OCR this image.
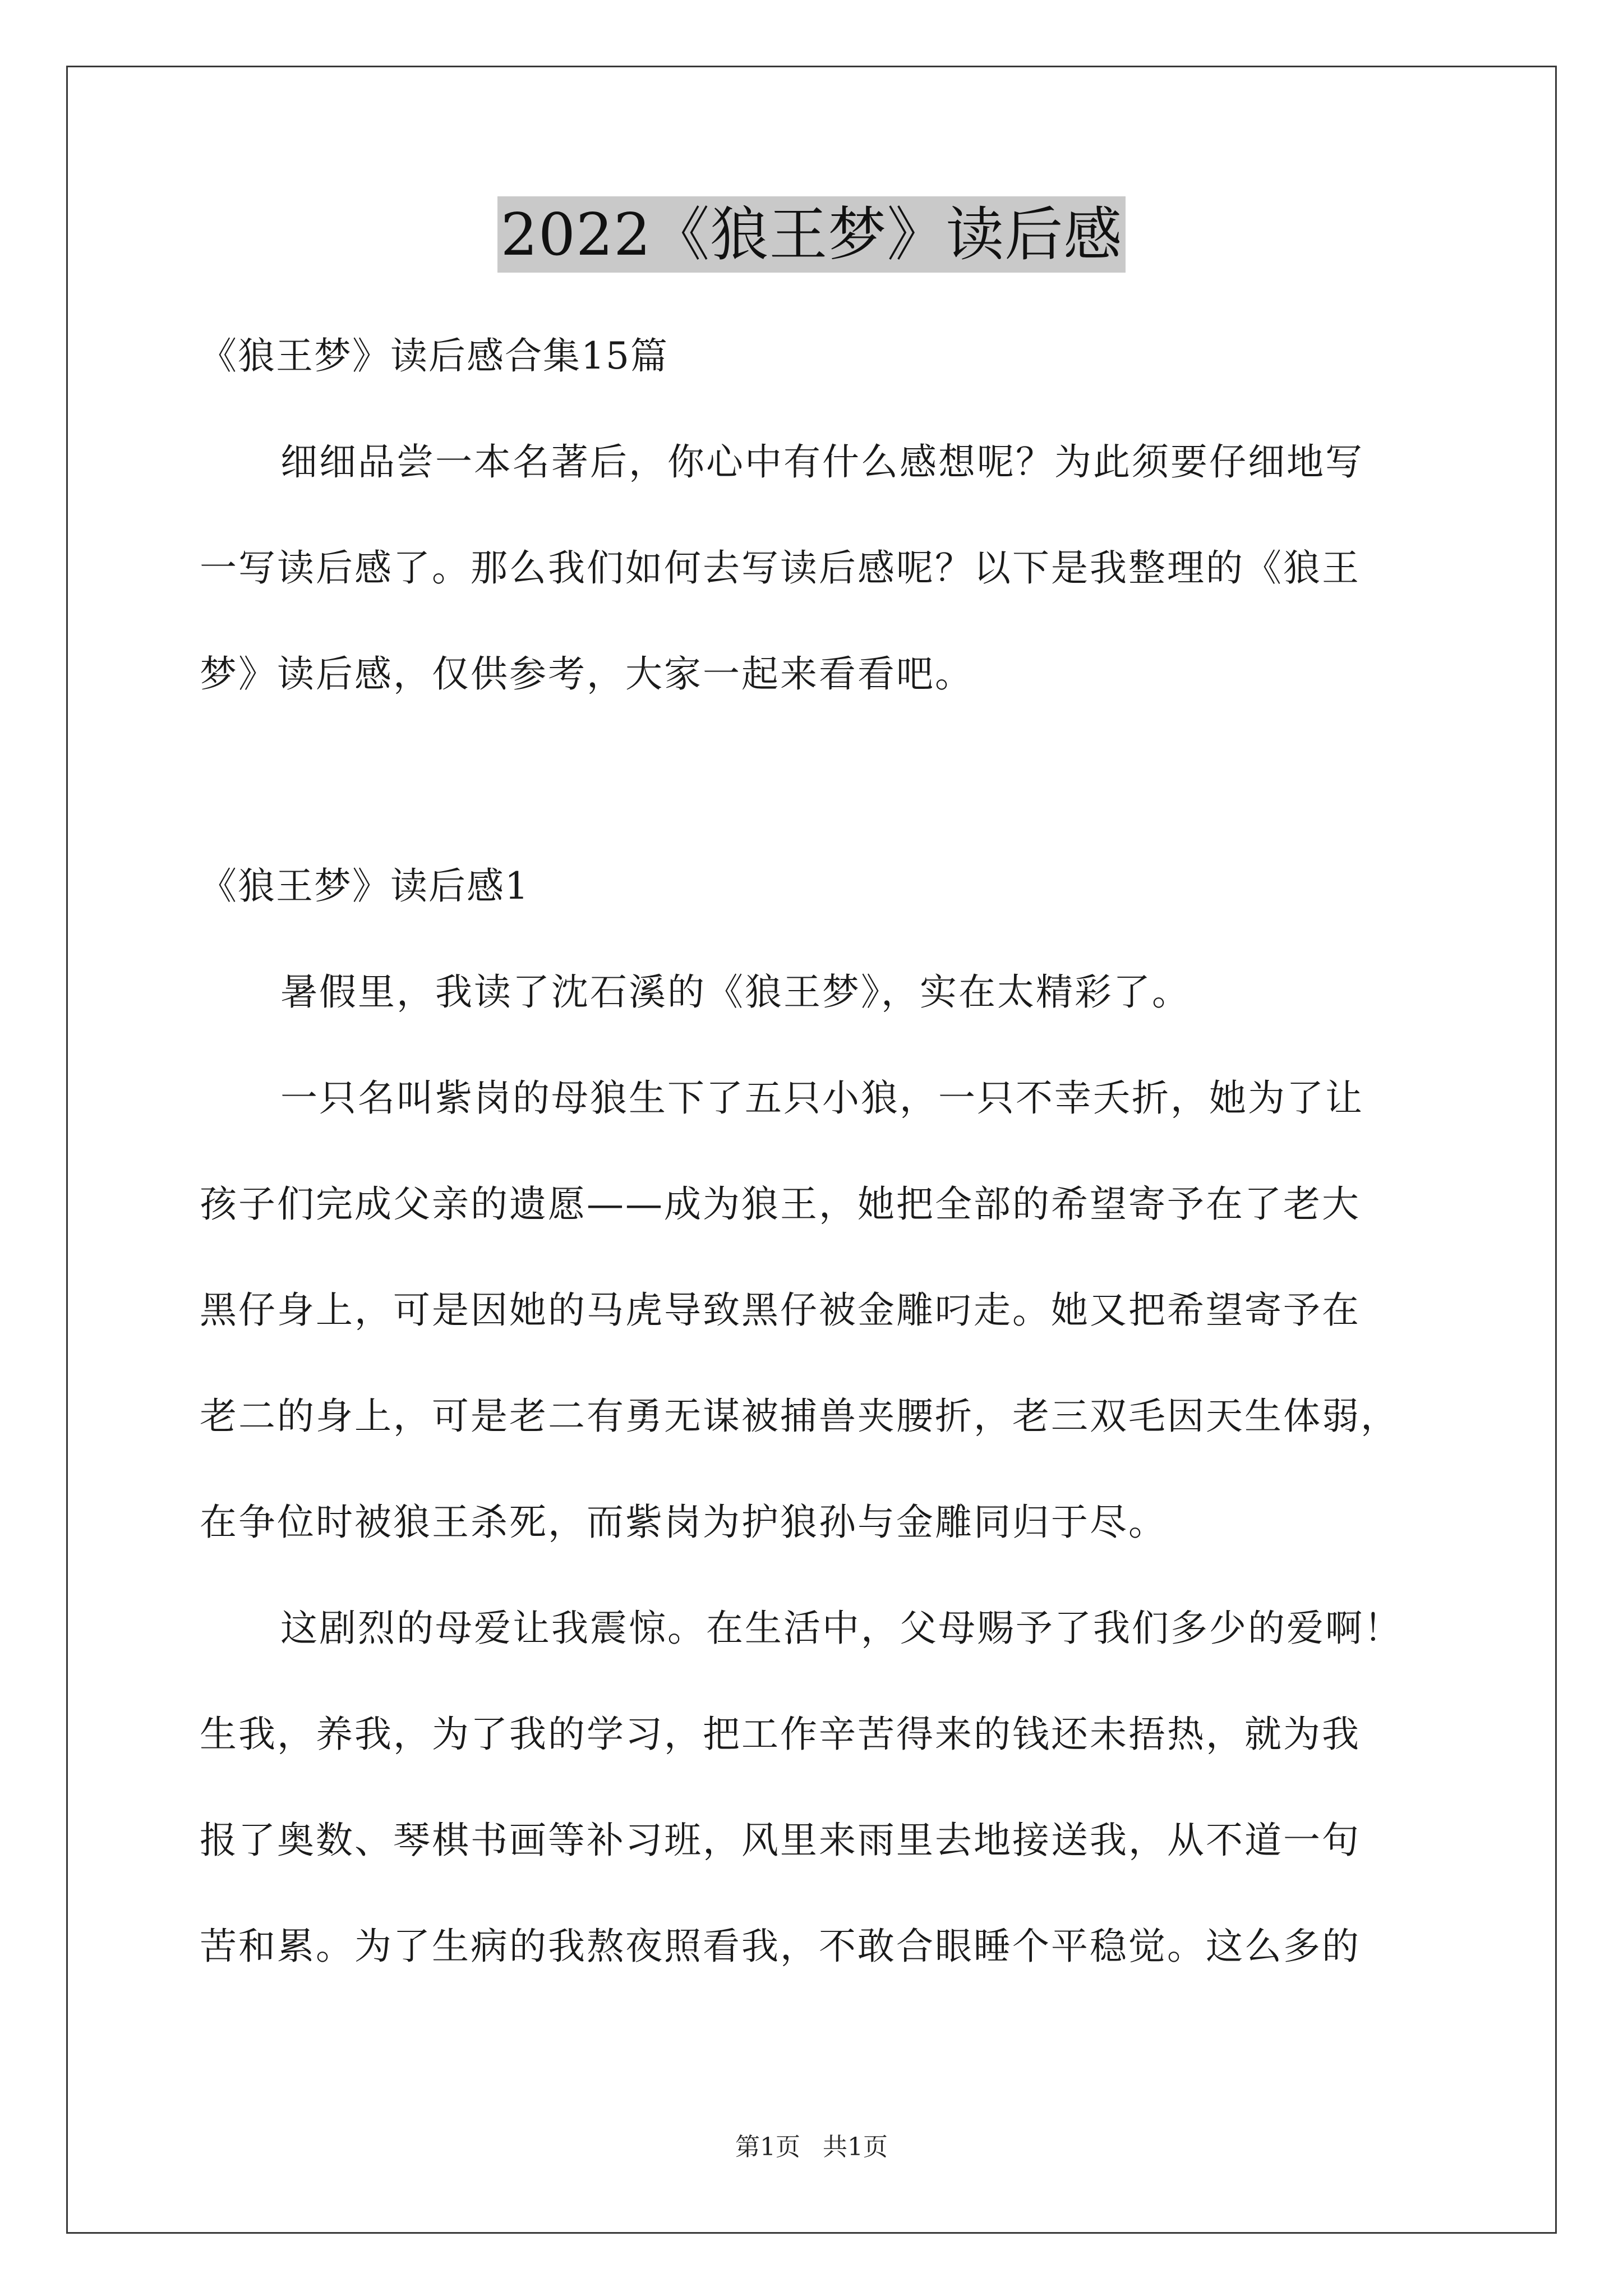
2022《狼王梦》读后感
《狼王梦》读后感合集15篇
细细品尝一本名著后，你心中有什么感想呢？为此须要仔细地写
一写读后感了。那么我们如何去写读后感呢？以下是我整理的《狼王
梦》读后感，仅供参考，大家一起来看看吧。
《狼王梦》读后感1
暑假里，我读了沈石溪的《狼王梦》，实在太精彩了。
一只名叫紫岗的母狼生下了五只小狼，一只不幸夭折，她为了让
孩子们完成父亲的遗愿——成为狼王，她把全部的希望寄予在了老大
黑仔身上，可是因她的马虎导致黑仔被金雕叼走。她又把希望寄予在
老二的身上，可是老二有勇无谋被捕兽夹腰折，老三双毛因天生体弱，
在争位时被狼王杀死，而紫岗为护狼孙与金雕同归于尽。
这剧烈的母爱让我震惊。在生活中，父母赐予了我们多少的爱啊！
生我，养我，为了我的学习，把工作辛苦得来的钱还未捂热，就为我
报了奥数、琴棋书画等补习班，风里来雨里去地接送我，从不道一句
苦和累。为了生病的我熬夜照看我，不敢合眼睡个平稳觉。这么多的
第1页 共1页
